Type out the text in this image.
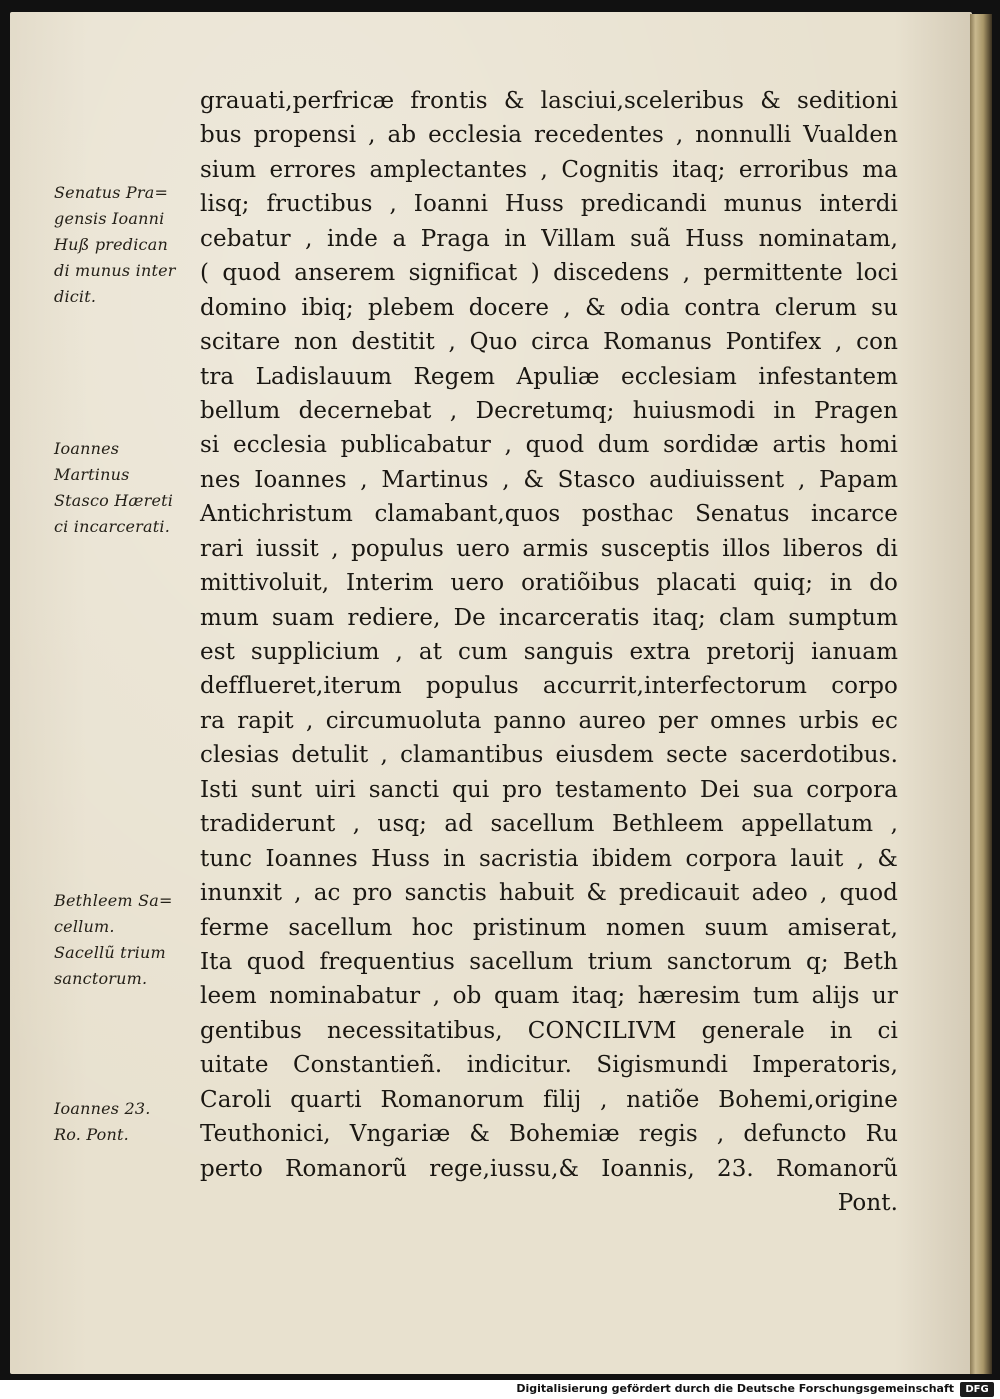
Senatus Pra=
gensis Ioanni
Huß predican
di munus inter
dicit.
Ioannes
Martinus
Stasco Hæreti
ci incarcerati.
Bethleem Sa=
cellum.
Sacellũ trium
sanctorum.
Ioannes 23.
Ro. Pont.
grauati,perfricæ frontis & lasciui,sceleribus & seditioni
bus propensi , ab ecclesia recedentes , nonnulli Vualden
sium errores amplectantes , Cognitis itaq; erroribus ma
lisq; fructibus , Ioanni Huss predicandi munus interdi
cebatur , inde a Praga in Villam suã Huss nominatam,
( quod anserem significat ) discedens , permittente loci
domino ibiq; plebem docere , & odia contra clerum su
scitare non destitit , Quo circa Romanus Pontifex , con
tra Ladislauum Regem Apuliæ ecclesiam infestantem
bellum decernebat , Decretumq; huiusmodi in Pragen
si ecclesia publicabatur , quod dum sordidæ artis homi
nes Ioannes , Martinus , & Stasco audiuissent , Papam
Antichristum clamabant,quos posthac Senatus incarce
rari iussit , populus uero armis susceptis illos liberos di
mittivoluit, Interim uero oratiõibus placati quiq; in do
mum suam rediere, De incarceratis itaq; clam sumptum
est supplicium , at cum sanguis extra pretorij ianuam
defflueret,iterum populus accurrit,interfectorum corpo
ra rapit , circumuoluta panno aureo per omnes urbis ec
clesias detulit , clamantibus eiusdem secte sacerdotibus.
Isti sunt uiri sancti qui pro testamento Dei sua corpora
tradiderunt , usq; ad sacellum Bethleem appellatum ,
tunc Ioannes Huss in sacristia ibidem corpora lauit , &
inunxit , ac pro sanctis habuit & predicauit adeo , quod
ferme sacellum hoc pristinum nomen suum amiserat,
Ita quod frequentius sacellum trium sanctorum q; Beth
leem nominabatur , ob quam itaq; hæresim tum alijs ur
gentibus necessitatibus, CONCILIVM generale in ci
uitate Constantieñ. indicitur. Sigismundi Imperatoris,
Caroli quarti Romanorum filij , natiõe Bohemi,origine
Teuthonici, Vngariæ & Bohemiæ regis , defuncto Ru
perto Romanorũ rege,iussu,& Ioannis, 23. Romanorũ
Pont.
Digitalisierung gefördert durch die Deutsche Forschungsgemeinschaft	DFG
